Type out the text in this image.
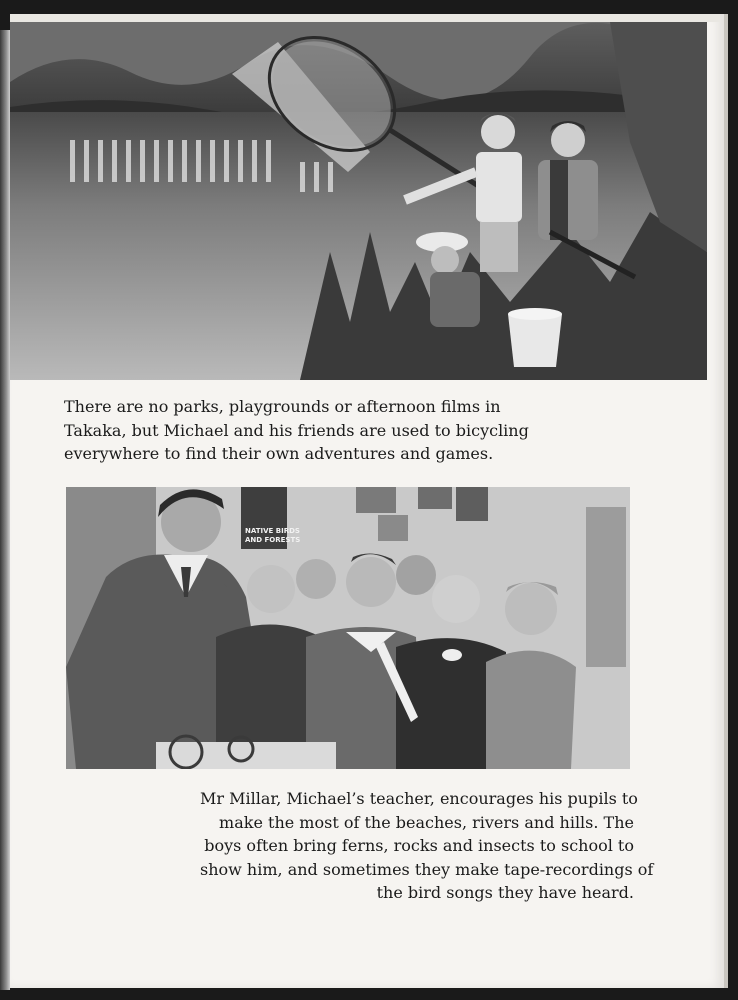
There are no parks, playgrounds or afternoon films in
Takaka, but Michael and his friends are used to bicycling
everywhere to find their own adventures and games.

NATIVE BIRDS
AND FORESTS

Mr Millar, Michael’s teacher, encourages his pupils to
make the most of the beaches, rivers and hills. The
boys often bring ferns, rocks and insects to school to
show him, and sometimes they make tape-recordings of
the bird songs they have heard.
